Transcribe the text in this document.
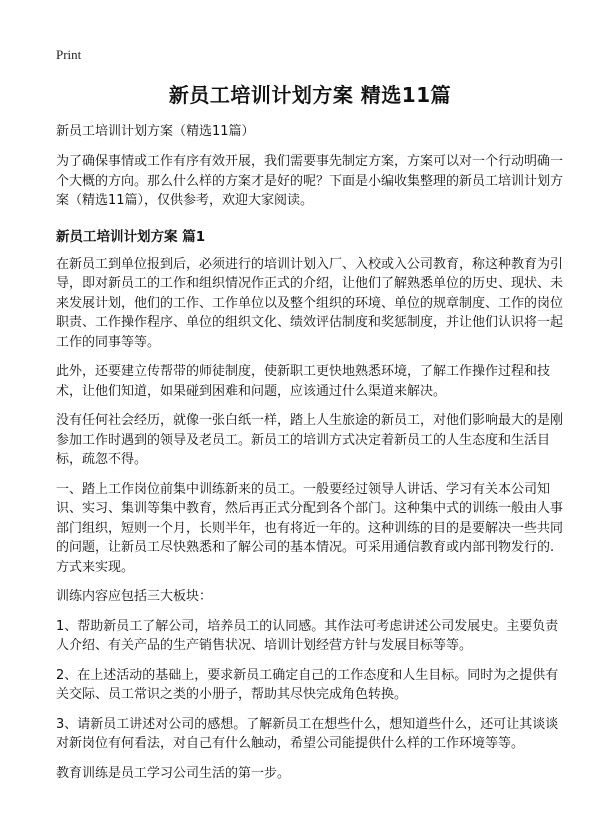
Print
新员工培训计划方案 精选11篇
新员工培训计划方案（精选11篇）

为了确保事情或工作有序有效开展，我们需要事先制定方案，方案可以对一个行动明确一个大概的方向。那么什么样的方案才是好的呢？下面是小编收集整理的新员工培训计划方案（精选11篇），仅供参考，欢迎大家阅读。

新员工培训计划方案 篇1

在新员工到单位报到后，必须进行的培训计划入厂、入校或入公司教育，称这种教育为引导，即对新员工的工作和组织情况作正式的介绍，让他们了解熟悉单位的历史、现状、未来发展计划，他们的工作、工作单位以及整个组织的环境、单位的规章制度、工作的岗位职责、工作操作程序、单位的组织文化、绩效评估制度和奖惩制度，并让他们认识将一起工作的同事等等。

此外，还要建立传帮带的师徒制度，使新职工更快地熟悉环境，了解工作操作过程和技术，让他们知道，如果碰到困难和问题，应该通过什么渠道来解决。

没有任何社会经历，就像一张白纸一样，踏上人生旅途的新员工，对他们影响最大的是刚参加工作时遇到的领导及老员工。新员工的培训方式决定着新员工的人生态度和生活目标，疏忽不得。

一、踏上工作岗位前集中训练新来的员工。一般要经过领导人讲话、学习有关本公司知识、实习、集训等集中教育，然后再正式分配到各个部门。这种集中式的训练一般由人事部门组织，短则一个月，长则半年，也有将近一年的。这种训练的目的是要解决一些共同的问题，让新员工尽快熟悉和了解公司的基本情况。可采用通信教育或内部刊物发行的.方式来实现。

训练内容应包括三大板块：

1、帮助新员工了解公司，培养员工的认同感。其作法可考虑讲述公司发展史。主要负责人介绍、有关产品的生产销售状况、培训计划经营方针与发展目标等等。

2、在上述活动的基础上，要求新员工确定自己的工作态度和人生目标。同时为之提供有关交际、员工常识之类的小册子，帮助其尽快完成角色转换。

3、请新员工讲述对公司的感想。了解新员工在想些什么，想知道些什么，还可让其谈谈对新岗位有何看法，对自己有什么触动，希望公司能提供什么样的工作环境等等。

教育训练是员工学习公司生活的第一步。
